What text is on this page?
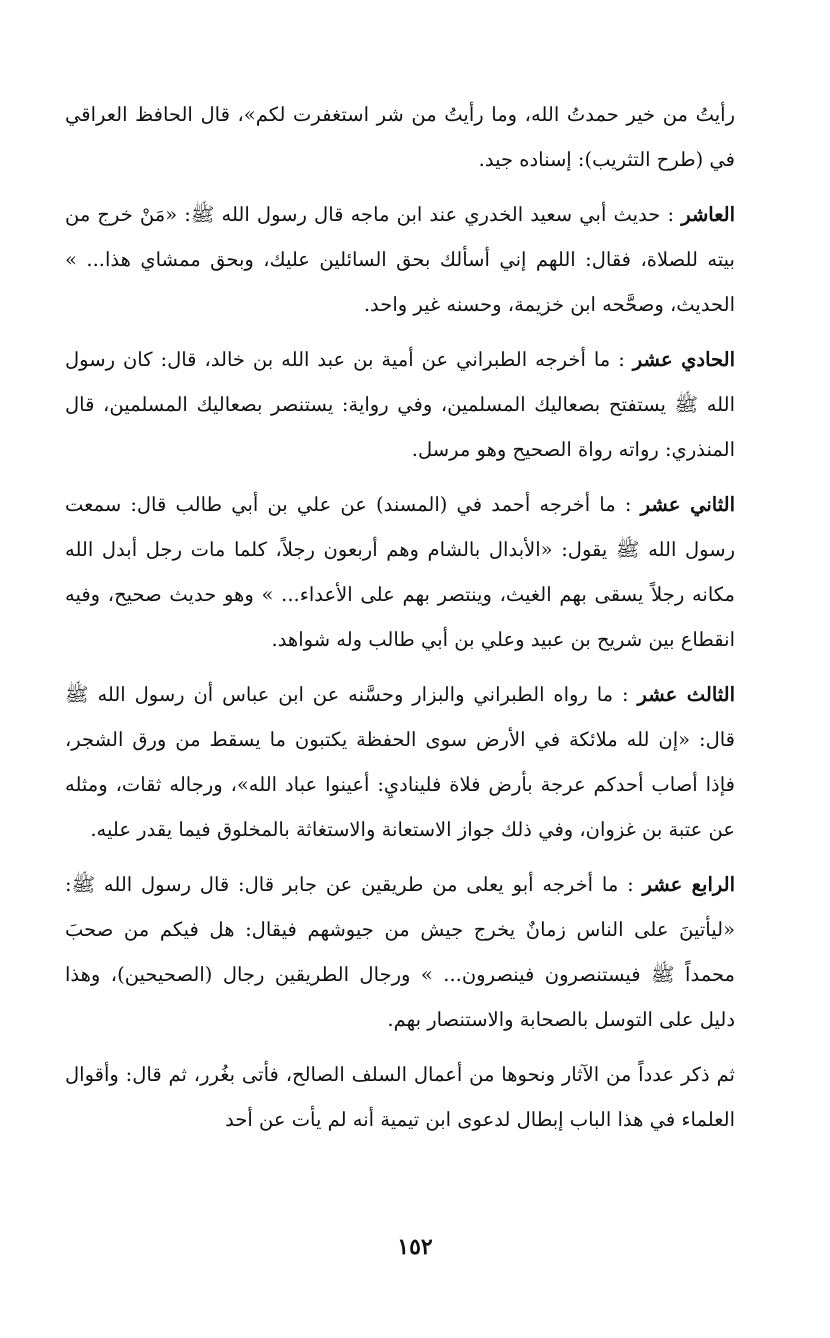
رأيتُ من خير حمدتُ الله، وما رأيتُ من شر استغفرت لكم»، قال الحافظ العراقي في (طرح التثريب): إسناده جيد.

العاشر : حديث أبي سعيد الخدري عند ابن ماجه قال رسول الله ﷺ: «مَنْ خرج من بيته للصلاة، فقال: اللهم إني أسألك بحق السائلين عليك، وبحق ممشاي هذا... » الحديث، وصحَّحه ابن خزيمة، وحسنه غير واحد.

الحادي عشر : ما أخرجه الطبراني عن أمية بن عبد الله بن خالد، قال: كان رسول الله ﷺ يستفتح بصعاليك المسلمين، وفي رواية: يستنصر بصعاليك المسلمين، قال المنذري: رواته رواة الصحيح وهو مرسل.

الثاني عشر : ما أخرجه أحمد في (المسند) عن علي بن أبي طالب قال: سمعت رسول الله ﷺ يقول: «الأبدال بالشام وهم أربعون رجلاً، كلما مات رجل أبدل الله مكانه رجلاً يسقى بهم الغيث، وينتصر بهم على الأعداء... » وهو حديث صحيح، وفيه انقطاع بين شريح بن عبيد وعلي بن أبي طالب وله شواهد.

الثالث عشر : ما رواه الطبراني والبزار وحسَّنه عن ابن عباس أن رسول الله ﷺ قال: «إن لله ملائكة في الأرض سوى الحفظة يكتبون ما يسقط من ورق الشجر، فإذا أصاب أحدكم عرجة بأرض فلاة فليناديِ: أعينوا عباد الله»، ورجاله ثقات، ومثله عن عتبة بن غزوان، وفي ذلك جواز الاستعانة والاستغاثة بالمخلوق فيما يقدر عليه.

الرابع عشر : ما أخرجه أبو يعلى من طريقين عن جابر قال: قال رسول الله ﷺ: «ليأتينَ على الناس زمانٌ يخرج جيش من جيوشهم فيقال: هل فيكم من صحبَ محمداً ﷺ فيستنصرون فينصرون... » ورجال الطريقين رجال (الصحيحين)، وهذا دليل على التوسل بالصحابة والاستنصار بهم.

ثم ذكر عدداً من الآثار ونحوها من أعمال السلف الصالح، فأتى بغُرر، ثم قال: وأقوال العلماء في هذا الباب إبطال لدعوى ابن تيمية أنه لم يأت عن أحد

١٥٢
